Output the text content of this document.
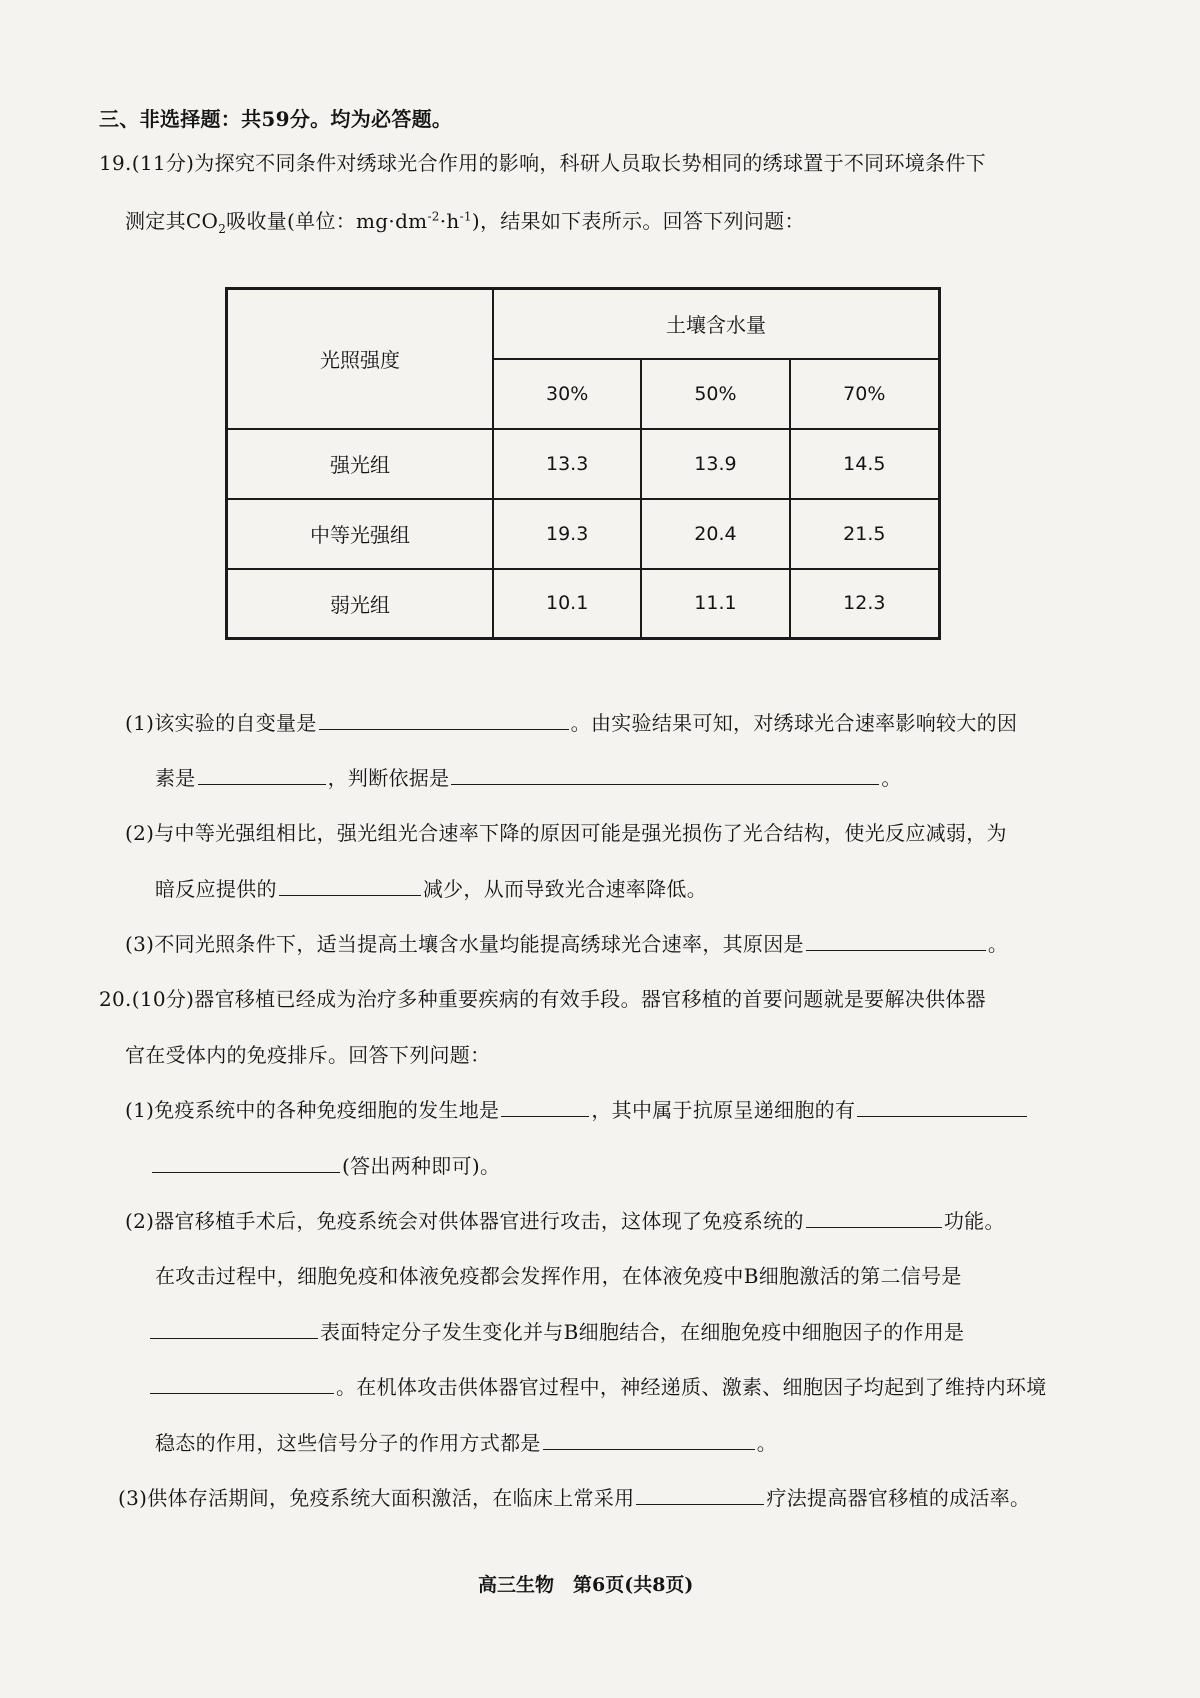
三、非选择题：共59分。均为必答题。
19.(11分)为探究不同条件对绣球光合作用的影响，科研人员取长势相同的绣球置于不同环境条件下
测定其$CO_2$吸收量(单位：$mg\cdot dm^{-2}\cdot h^{-1}$)，结果如下表所示。回答下列问题：
光照强度	土壤含水量		
	30%	50%	70%
强光组	13.3	13.9	14.5
中等光强组	19.3	20.4	21.5
弱光组	10.1	11.1	12.3
(1)该实验的自变量是	。由实验结果可知，对绣球光合速率影响较大的因
素是	，判断依据是	。
(2)与中等光强组相比，强光组光合速率下降的原因可能是强光损伤了光合结构，使光反应减弱，为
暗反应提供的	减少，从而导致光合速率降低。
(3)不同光照条件下，适当提高土壤含水量均能提高绣球光合速率，其原因是	。
20.(10分)器官移植已经成为治疗多种重要疾病的有效手段。器官移植的首要问题就是要解决供体器
官在受体内的免疫排斥。回答下列问题：
(1)免疫系统中的各种免疫细胞的发生地是	，其中属于抗原呈递细胞的有
(答出两种即可)。
(2)器官移植手术后，免疫系统会对供体器官进行攻击，这体现了免疫系统的	功能。
在攻击过程中，细胞免疫和体液免疫都会发挥作用，在体液免疫中B细胞激活的第二信号是
表面特定分子发生变化并与B细胞结合，在细胞免疫中细胞因子的作用是
。在机体攻击供体器官过程中，神经递质、激素、细胞因子均起到了维持内环境
稳态的作用，这些信号分子的作用方式都是	。
(3)供体存活期间，免疫系统大面积激活，在临床上常采用	疗法提高器官移植的成活率。
高三生物　第6页(共8页)
